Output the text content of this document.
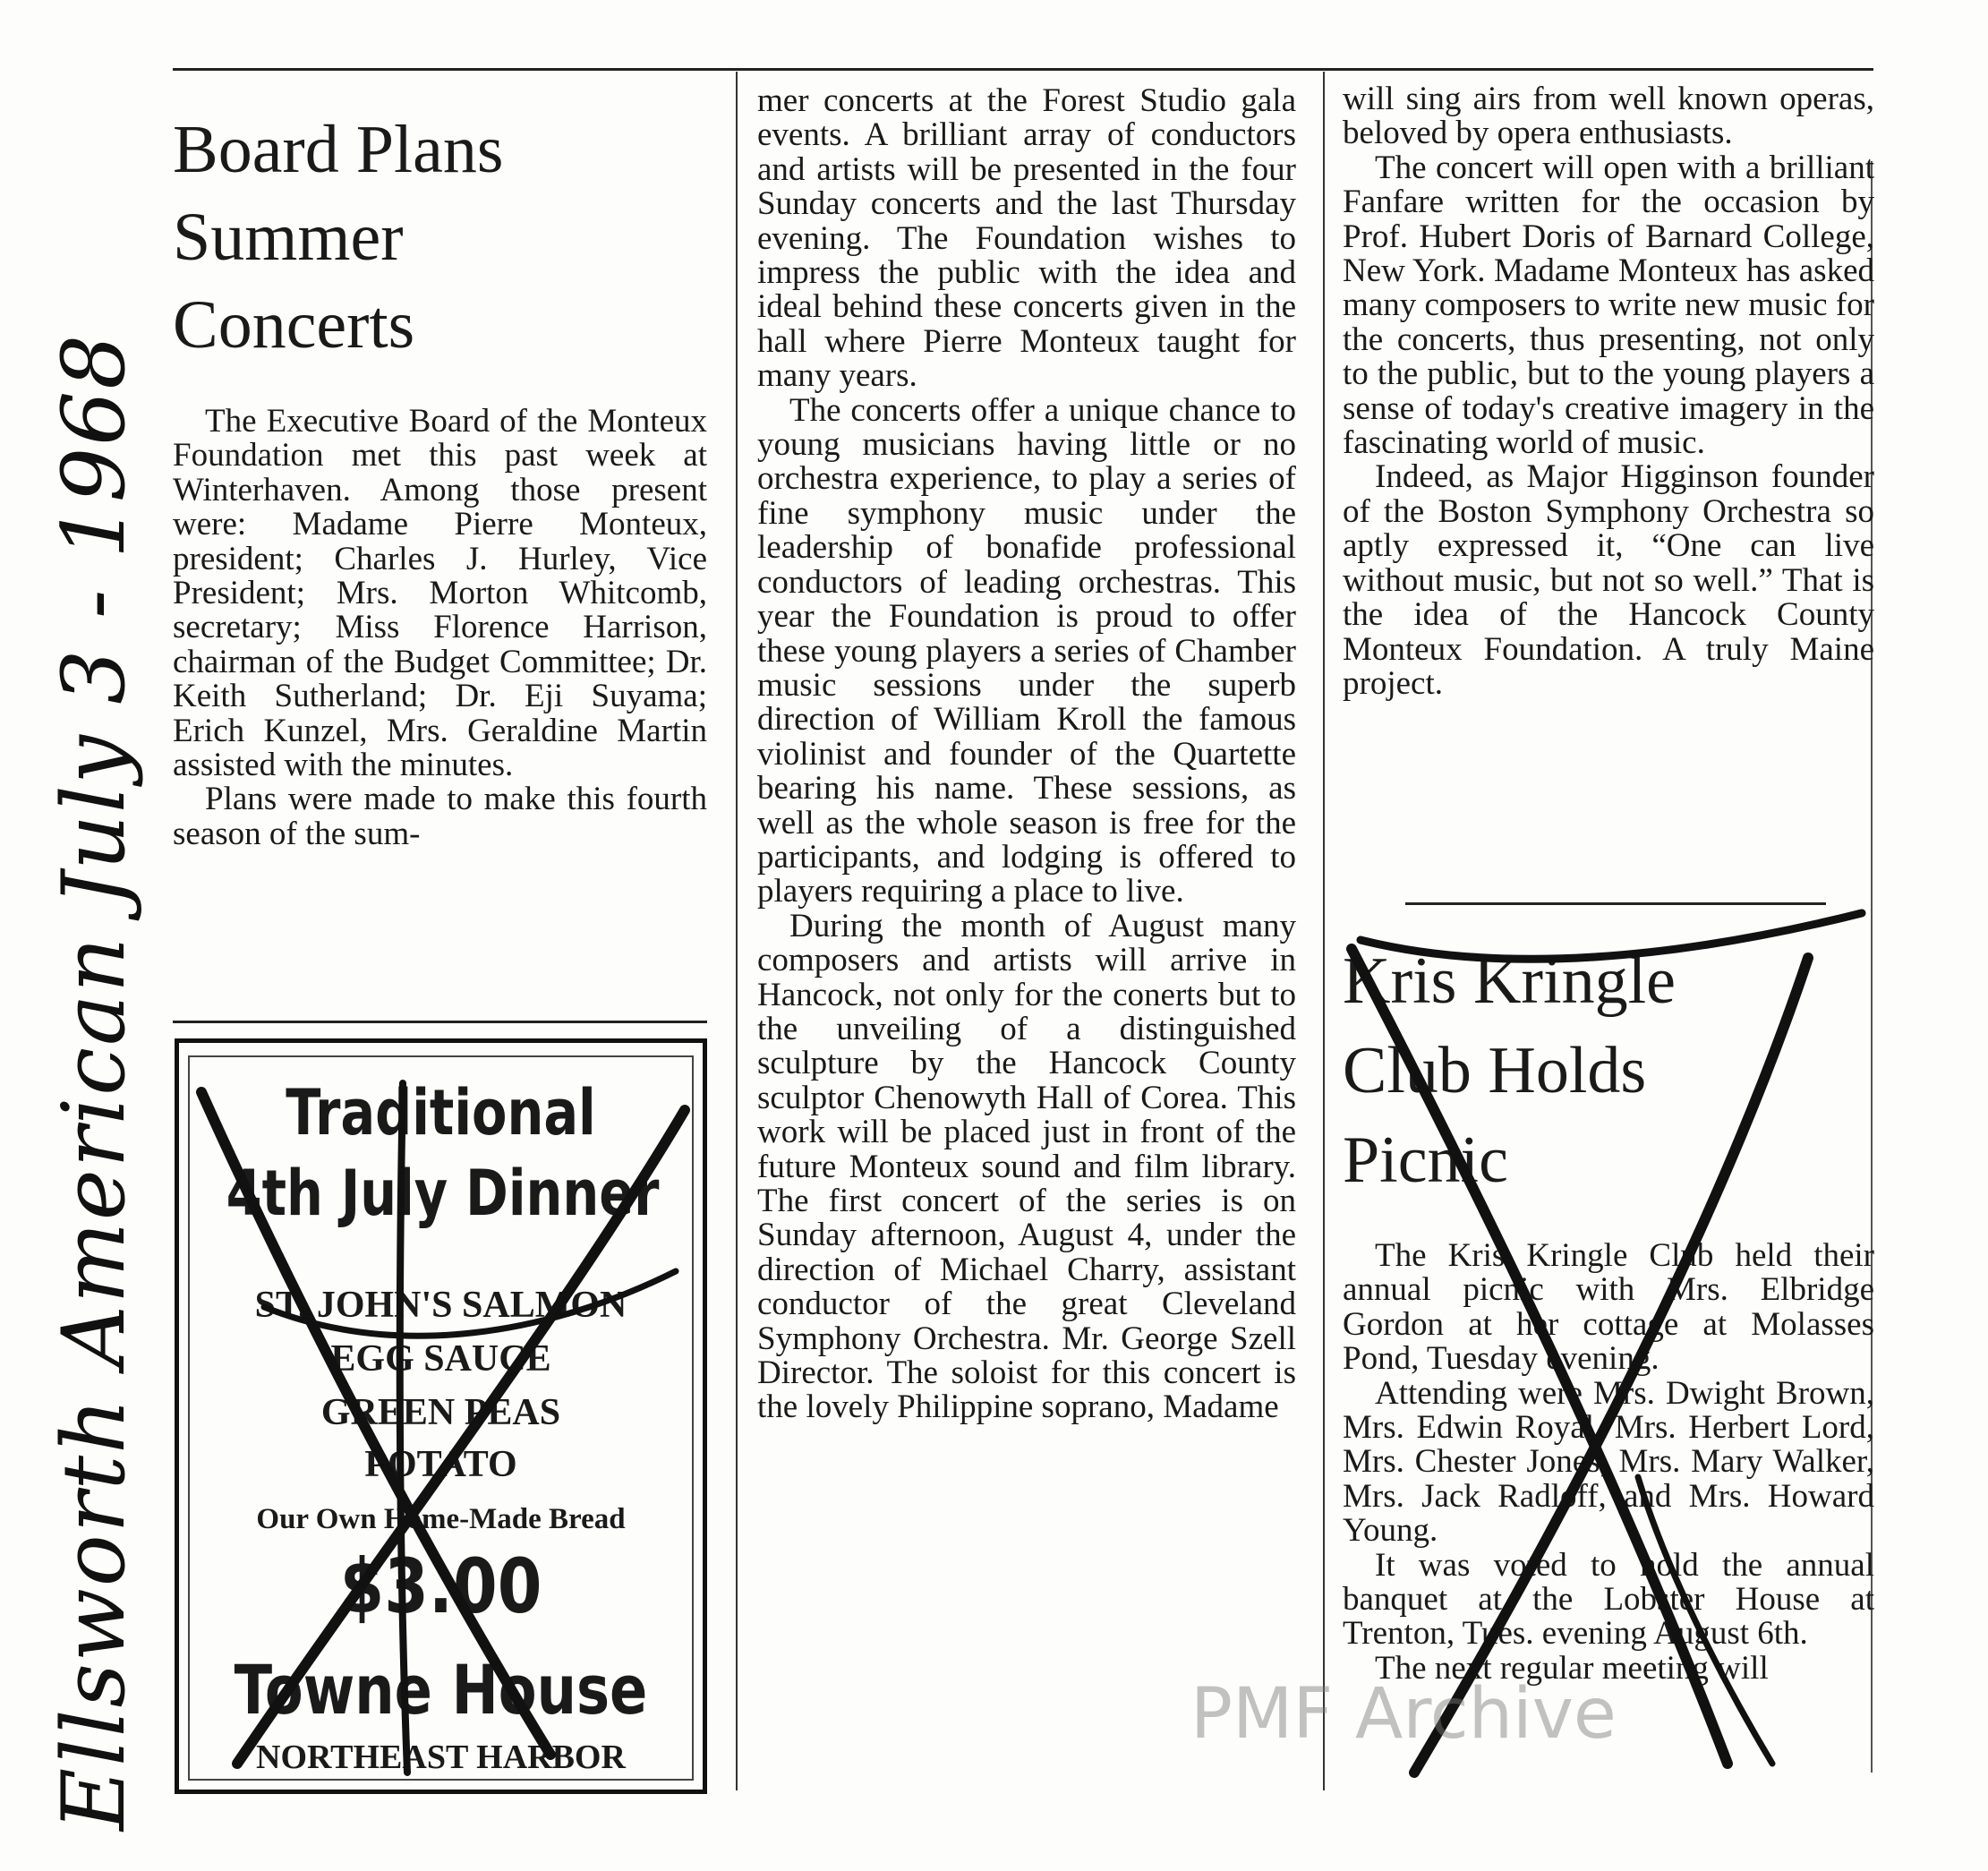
Ellsworth American July 3 - 1968
Board Plans
Summer
Concerts

The Executive Board of the Monteux Foundation met this past week at Winterhaven. Among those present were: Madame Pierre Monteux, president; Charles J. Hurley, Vice President; Mrs. Morton Whitcomb, secretary; Miss Florence Harrison, chairman of the Budget Committee; Dr. Keith Sutherland; Dr. Eji Suyama; Erich Kunzel, Mrs. Geraldine Martin assisted with the minutes.

Plans were made to make this fourth season of the sum-

Traditional
4th July Dinner
ST. JOHN'S SALMON
EGG SAUCE
GREEN PEAS
POTATO
Our Own Home-Made Bread
$3.00
Towne House
NORTHEAST HARBOR

mer concerts at the Forest Studio gala events. A brilliant array of conductors and artists will be presented in the four Sunday concerts and the last Thursday evening. The Foundation wishes to impress the public with the idea and ideal behind these concerts given in the hall where Pierre Monteux taught for many years.

The concerts offer a unique chance to young musicians having little or no orchestra experience, to play a series of fine symphony music under the leadership of bonafide professional conductors of leading orchestras. This year the Foundation is proud to offer these young players a series of Chamber music sessions under the superb direction of William Kroll the famous violinist and founder of the Quartette bearing his name. These sessions, as well as the whole season is free for the participants, and lodging is offered to players requiring a place to live.

During the month of August many composers and artists will arrive in Hancock, not only for the conerts but to the unveiling of a distinguished sculpture by the Hancock County sculptor Chenowyth Hall of Corea. This work will be placed just in front of the future Monteux sound and film library. The first concert of the series is on Sunday afternoon, August 4, under the direction of Michael Charry, assistant conductor of the great Cleveland Symphony Orchestra. Mr. George Szell Director. The soloist for this concert is the lovely Philippine soprano, Madame

will sing airs from well known operas, beloved by opera enthusiasts.

The concert will open with a brilliant Fanfare written for the occasion by Prof. Hubert Doris of Barnard College, New York. Madame Monteux has asked many composers to write new music for the concerts, thus presenting, not only to the public, but to the young players a sense of today's creative imagery in the fascinating world of music.

Indeed, as Major Higginson founder of the Boston Symphony Orchestra so aptly expressed it, “One can live without music, but not so well.” That is the idea of the Hancock County Monteux Foundation. A truly Maine project.

Kris Kringle
Club Holds
Picnic

The Kris Kringle Club held their annual picnic with Mrs. Elbridge Gordon at her cottage at Molasses Pond, Tuesday evening.

Attending were Mrs. Dwight Brown, Mrs. Edwin Royal, Mrs. Herbert Lord, Mrs. Chester Jones, Mrs. Mary Walker, Mrs. Jack Radloff, and Mrs. Howard Young.

It was voted to hold the annual banquet at the Lobster House at Trenton, Tues. evening August 6th.

The next regular meeting will

PMF Archive
